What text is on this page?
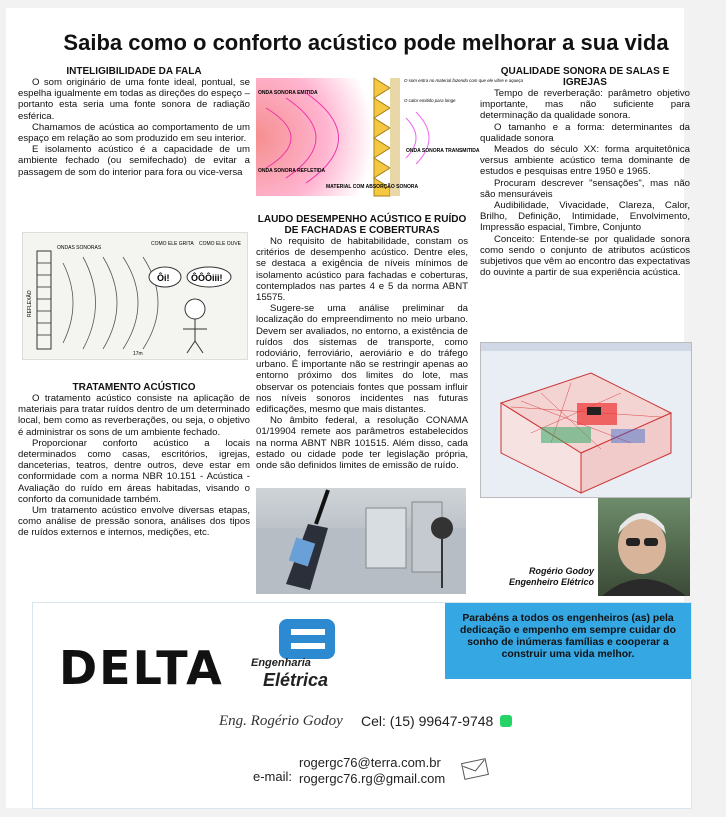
Saiba como o conforto acústico pode melhorar a sua vida

INTELIGIBILIDADE DA FALA

O som originário de uma fonte ideal, pontual, se espelha igualmente em todas as direções do espeço – portanto esta seria uma fonte sonora de radiação esférica.

Chamamos de acústica ao comportamento de um espaço em relação ao som produzido em seu interior.

E isolamento acústico é a capacidade de um ambiente fechado (ou semifechado) de evitar a passagem de som do interior para fora ou vice-versa

Ôi! ÔÔÔiii!
COMO ELE GRITA COMO ELE OUVE
ONDAS SONORAS
REFLEXÃO
17m

TRATAMENTO ACÚSTICO

O tratamento acústico consiste na aplicação de materiais para tratar ruídos dentro de um determinado local, bem como as reverberações, ou seja, o objetivo é administrar os sons de um ambiente fechado.

Proporcionar conforto acústico a locais determinados como casas, escritórios, igrejas, danceterias, teatros, dentre outros, deve estar em conformidade com a norma NBR 10.151 - Acústica - Avaliação do ruído em áreas habitadas, visando o conforto da comunidade também.

Um tratamento acústico envolve diversas etapas, como análise de pressão sonora, análises dos tipos de ruídos externos e internos, medições, etc.

ONDA SONORA EMITIDA
ONDA SONORA REFLETIDA
ONDA SONORA TRANSMITIDA
MATERIAL COM ABSORÇÃO SONORA
O som entra no material fazendo com que ele vibre e aqueça
O calor emitido para longe

LAUDO DESEMPENHO ACÚSTICO E RUÍDO DE FACHADAS E COBERTURAS

No requisito de habitabilidade, constam os critérios de desempenho acústico. Dentre eles, se destaca a exigência de níveis mínimos de isolamento acústico para fachadas e coberturas, contemplados nas partes 4 e 5 da norma ABNT 15575.

Sugere-se uma análise preliminar da localização do empreendimento no meio urbano. Devem ser avaliados, no entorno, a existência de ruídos dos sistemas de transporte, como rodoviário, ferroviário, aeroviário e do tráfego urbano. É importante não se restringir apenas ao entorno próximo dos limites do lote, mas observar os potenciais fontes que possam influir nos níveis sonoros incidentes nas futuras edificações, mesmo que mais distantes.

No âmbito federal, a resolução CONAMA 01/19904 remete aos parâmetros estabelecidos na norma ABNT NBR 101515. Além disso, cada estado ou cidade pode ter legislação própria, onde são definidos limites de emissão de ruído.

QUALIDADE SONORA DE SALAS E IGREJAS

Tempo de reverberação: parâmetro objetivo importante, mas não suficiente para determinação da qualidade sonora.

O tamanho e a forma: determinantes da qualidade sonora

Meados do século XX: forma arquitetônica versus ambiente acústico tema dominante de estudos e pesquisas entre 1950 e 1965.

Procuram descrever "sensações", mas não são mensuráveis

Audibilidade, Vivacidade, Clareza, Calor, Brilho, Definição, Intimidade, Envolvimento, Impressão espacial, Timbre, Conjunto

Conceito: Entende-se por qualidade sonora como sendo o conjunto de atributos acústicos subjetivos que vêm ao encontro das expectativas do ouvinte a partir de sua experiência acústica.

Rogério Godoy
Engenheiro Elétrico
DELTA Engenharia
Elétrica
Parabéns a todos os engenheiros (as) pela dedicação e empenho em sempre cuidar do sonho de inúmeras famílias e cooperar a construir uma vida melhor.
Eng. Rogério Godoy Cel: (15) 99647-9748
e-mail:
rogergc76@terra.com.br
rogergc76.rg@gmail.com
